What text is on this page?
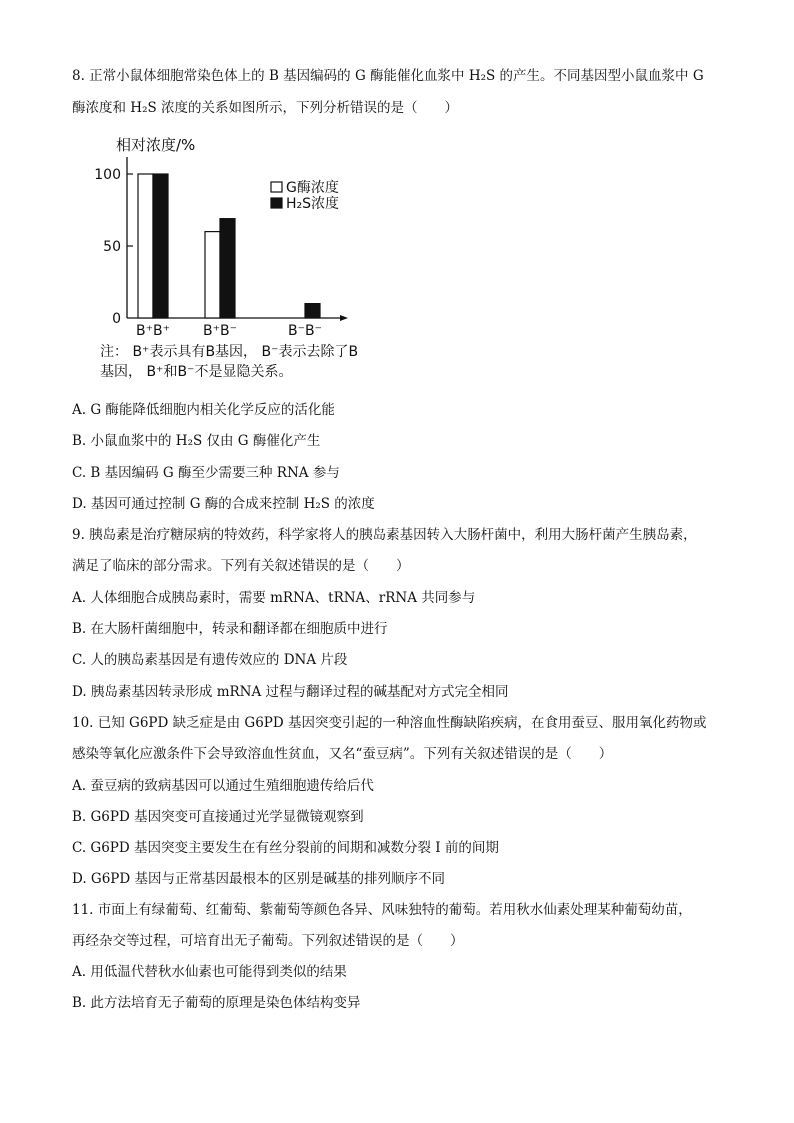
8. 正常小鼠体细胞常染色体上的 B 基因编码的 G 酶能催化血浆中 H₂S 的产生。不同基因型小鼠血浆中 G
酶浓度和 H₂S 浓度的关系如图所示，下列分析错误的是（　　）
相对浓度/%
0
50
100
B⁺B⁺ B⁺B⁻	B⁻B⁻
G酶浓度
H₂S浓度
注： B⁺表示具有B基因， B⁻表示去除了B
基因， B⁺和B⁻不是显隐关系。
A. G 酶能降低细胞内相关化学反应的活化能
B. 小鼠血浆中的 H₂S 仅由 G 酶催化产生
C. B 基因编码 G 酶至少需要三种 RNA 参与
D. 基因可通过控制 G 酶的合成来控制 H₂S 的浓度
9. 胰岛素是治疗糖尿病的特效药，科学家将人的胰岛素基因转入大肠杆菌中，利用大肠杆菌产生胰岛素，
满足了临床的部分需求。下列有关叙述错误的是（　　）
A. 人体细胞合成胰岛素时，需要 mRNA、tRNA、rRNA 共同参与
B. 在大肠杆菌细胞中，转录和翻译都在细胞质中进行
C. 人的胰岛素基因是有遗传效应的 DNA 片段
D. 胰岛素基因转录形成 mRNA 过程与翻译过程的碱基配对方式完全相同
10. 已知 G6PD 缺乏症是由 G6PD 基因突变引起的一种溶血性酶缺陷疾病，在食用蚕豆、服用氧化药物或
感染等氧化应激条件下会导致溶血性贫血，又名“蚕豆病”。下列有关叙述错误的是（　　）
A. 蚕豆病的致病基因可以通过生殖细胞遗传给后代
B. G6PD 基因突变可直接通过光学显微镜观察到
C. G6PD 基因突变主要发生在有丝分裂前的间期和减数分裂 I 前的间期
D. G6PD 基因与正常基因最根本的区别是碱基的排列顺序不同
11. 市面上有绿葡萄、红葡萄、紫葡萄等颜色各异、风味独特的葡萄。若用秋水仙素处理某种葡萄幼苗，
再经杂交等过程，可培育出无子葡萄。下列叙述错误的是（　　）
A. 用低温代替秋水仙素也可能得到类似的结果
B. 此方法培育无子葡萄的原理是染色体结构变异
